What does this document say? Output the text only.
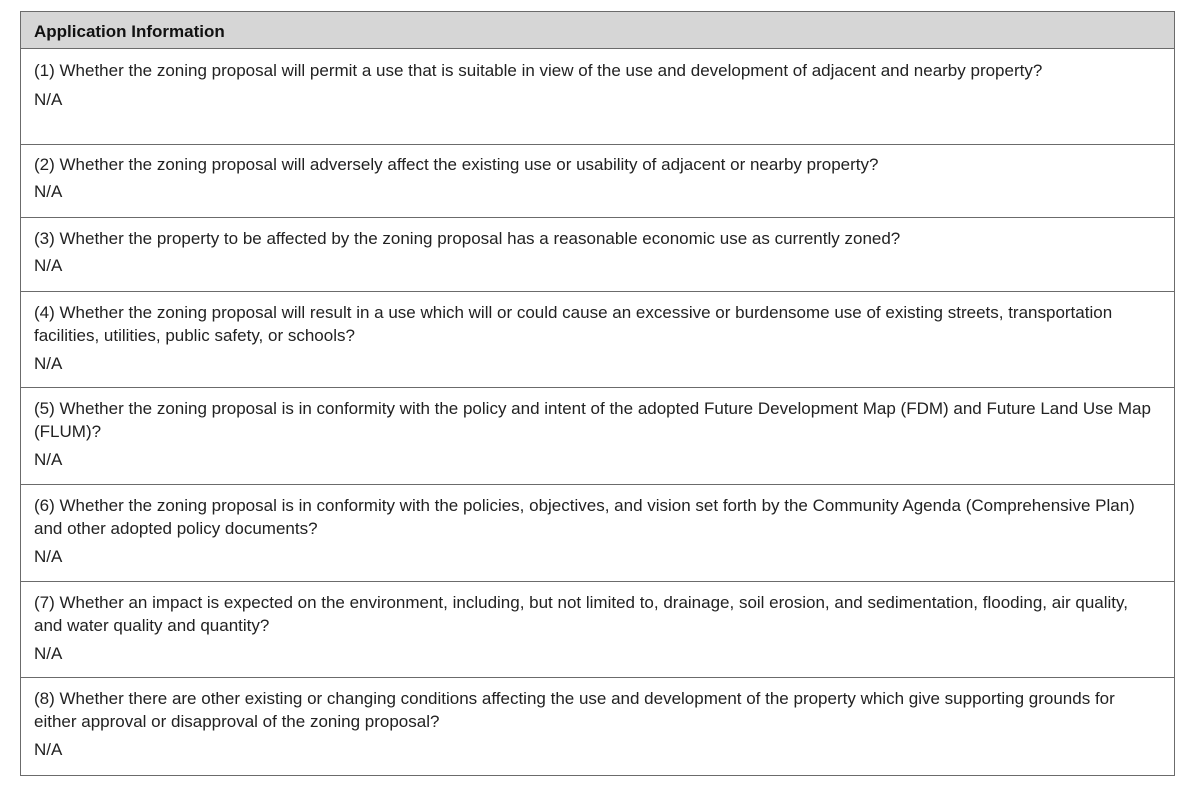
Application Information
(1) Whether the zoning proposal will permit a use that is suitable in view of the use and development of adjacent and nearby property?
N/A
(2) Whether the zoning proposal will adversely affect the existing use or usability of adjacent or nearby property?
N/A
(3) Whether the property to be affected by the zoning proposal has a reasonable economic use as currently zoned?
N/A
(4) Whether the zoning proposal will result in a use which will or could cause an excessive or burdensome use of existing streets, transportation facilities, utilities, public safety, or schools?
N/A
(5) Whether the zoning proposal is in conformity with the policy and intent of the adopted Future Development Map (FDM) and Future Land Use Map (FLUM)?
N/A
(6) Whether the zoning proposal is in conformity with the policies, objectives, and vision set forth by the Community Agenda (Comprehensive Plan) and other adopted policy documents?
N/A
(7) Whether an impact is expected on the environment, including, but not limited to, drainage, soil erosion, and sedimentation, flooding, air quality, and water quality and quantity?
N/A
(8) Whether there are other existing or changing conditions affecting the use and development of the property which give supporting grounds for either approval or disapproval of the zoning proposal?
N/A
